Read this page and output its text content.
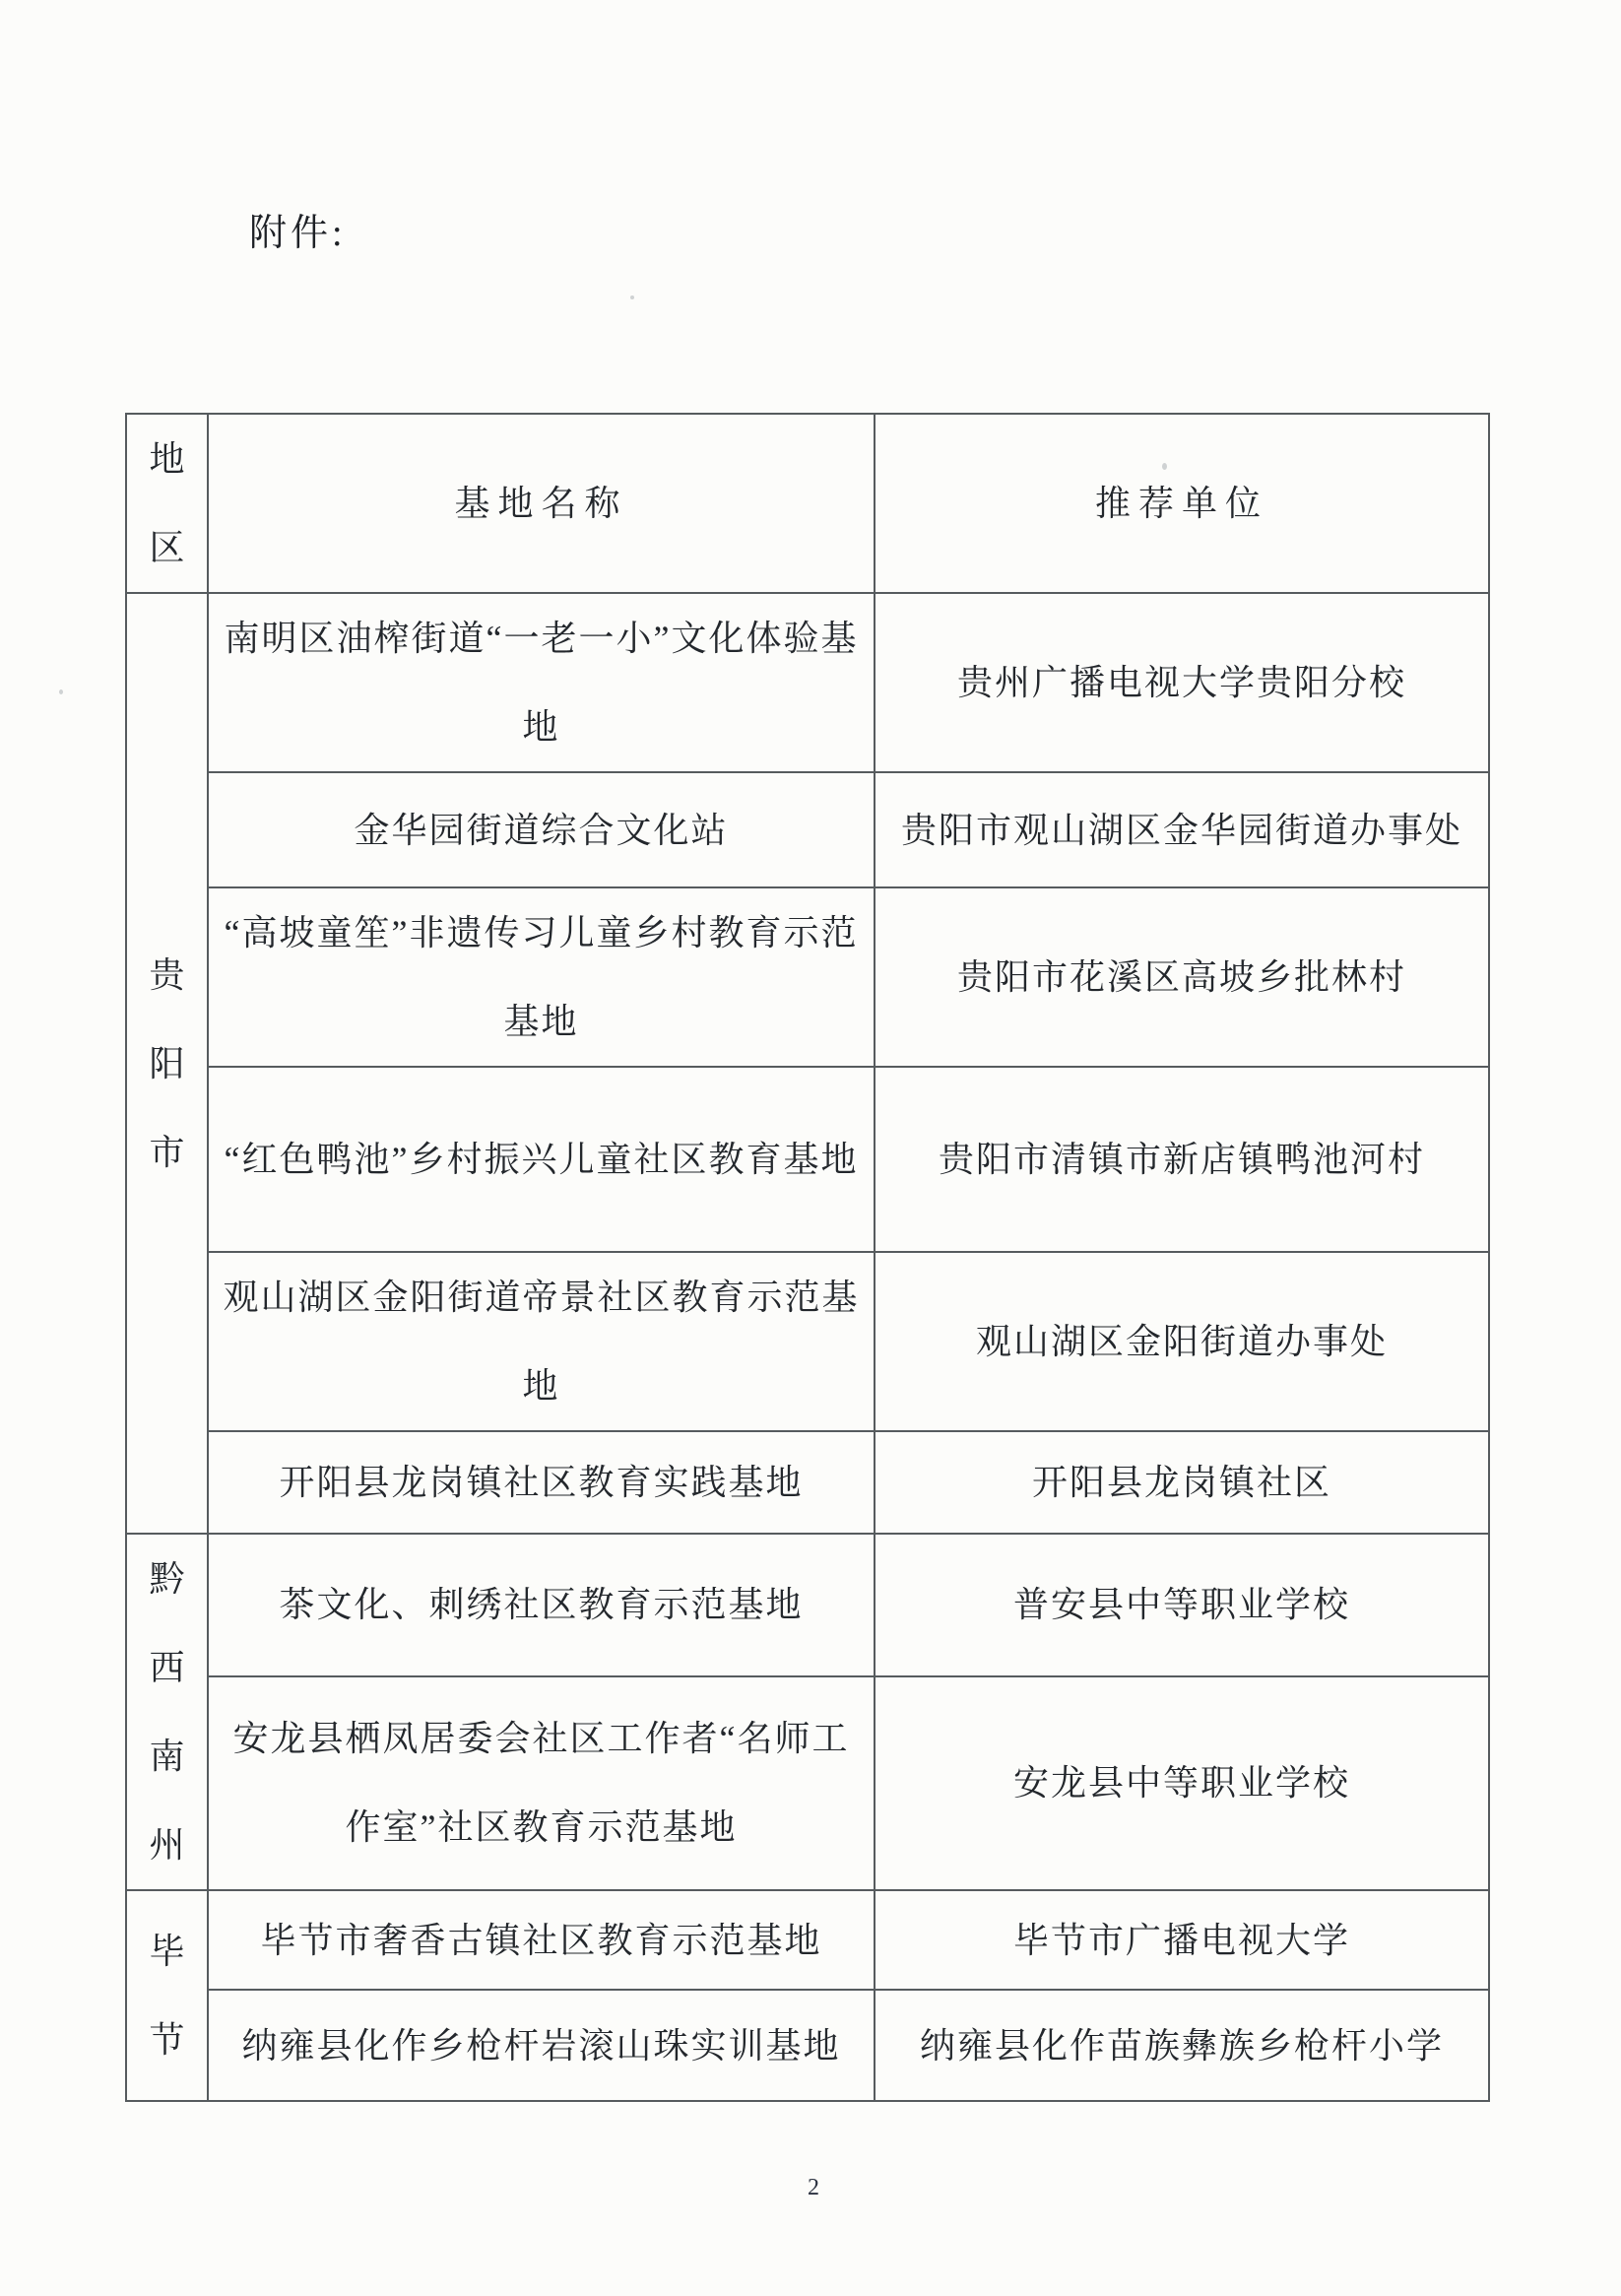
附件:
地区	基地名称	推荐单位
贵阳市	南明区油榨街道“一老一小”文化体验基地	贵州广播电视大学贵阳分校
	金华园街道综合文化站	贵阳市观山湖区金华园街道办事处
	“高坡童笙”非遗传习儿童乡村教育示范基地	贵阳市花溪区高坡乡批林村
	“红色鸭池”乡村振兴儿童社区教育基地	贵阳市清镇市新店镇鸭池河村
	观山湖区金阳街道帝景社区教育示范基地	观山湖区金阳街道办事处
	开阳县龙岗镇社区教育实践基地	开阳县龙岗镇社区
黔西南州	茶文化、刺绣社区教育示范基地	普安县中等职业学校
	安龙县栖凤居委会社区工作者“名师工作室”社区教育示范基地	安龙县中等职业学校
毕节	毕节市奢香古镇社区教育示范基地	毕节市广播电视大学
	纳雍县化作乡枪杆岩滚山珠实训基地	纳雍县化作苗族彝族乡枪杆小学
2
